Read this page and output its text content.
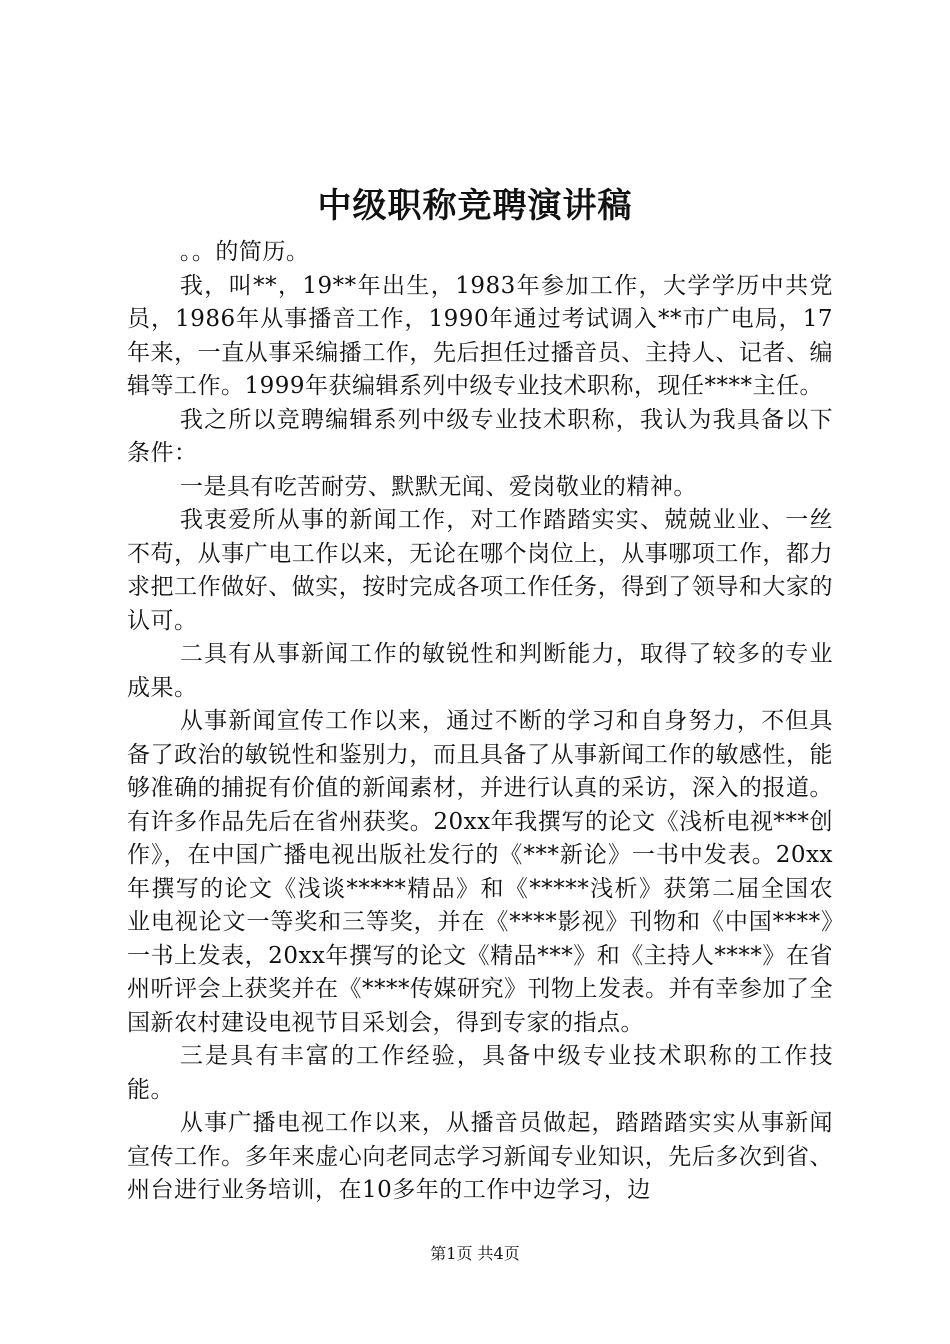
中级职称竞聘演讲稿

。。的简历。

我，叫**，19**年出生，1983年参加工作，大学学历中共党员，1986年从事播音工作，1990年通过考试调入**市广电局，17年来，一直从事采编播工作，先后担任过播音员、主持人、记者、编辑等工作。1999年获编辑系列中级专业技术职称，现任****主任。

我之所以竞聘编辑系列中级专业技术职称，我认为我具备以下条件：

一是具有吃苦耐劳、默默无闻、爱岗敬业的精神。

我衷爱所从事的新闻工作，对工作踏踏实实、兢兢业业、一丝不苟，从事广电工作以来，无论在哪个岗位上，从事哪项工作，都力求把工作做好、做实，按时完成各项工作任务，得到了领导和大家的认可。

二具有从事新闻工作的敏锐性和判断能力，取得了较多的专业成果。

从事新闻宣传工作以来，通过不断的学习和自身努力，不但具备了政治的敏锐性和鉴别力，而且具备了从事新闻工作的敏感性，能够准确的捕捉有价值的新闻素材，并进行认真的采访，深入的报道。有许多作品先后在省州获奖。20xx年我撰写的论文《浅析电视***创作》，在中国广播电视出版社发行的《***新论》一书中发表。20xx年撰写的论文《浅谈*****精品》和《*****浅析》获第二届全国农业电视论文一等奖和三等奖，并在《****影视》刊物和《中国****》一书上发表，20xx年撰写的论文《精品***》和《主持人****》在省州听评会上获奖并在《****传媒研究》刊物上发表。并有幸参加了全国新农村建设电视节目采划会，得到专家的指点。

三是具有丰富的工作经验，具备中级专业技术职称的工作技能。

从事广播电视工作以来，从播音员做起，踏踏踏实实从事新闻宣传工作。多年来虚心向老同志学习新闻专业知识，先后多次到省、州台进行业务培训，在10多年的工作中边学习，边

第1页 共4页
